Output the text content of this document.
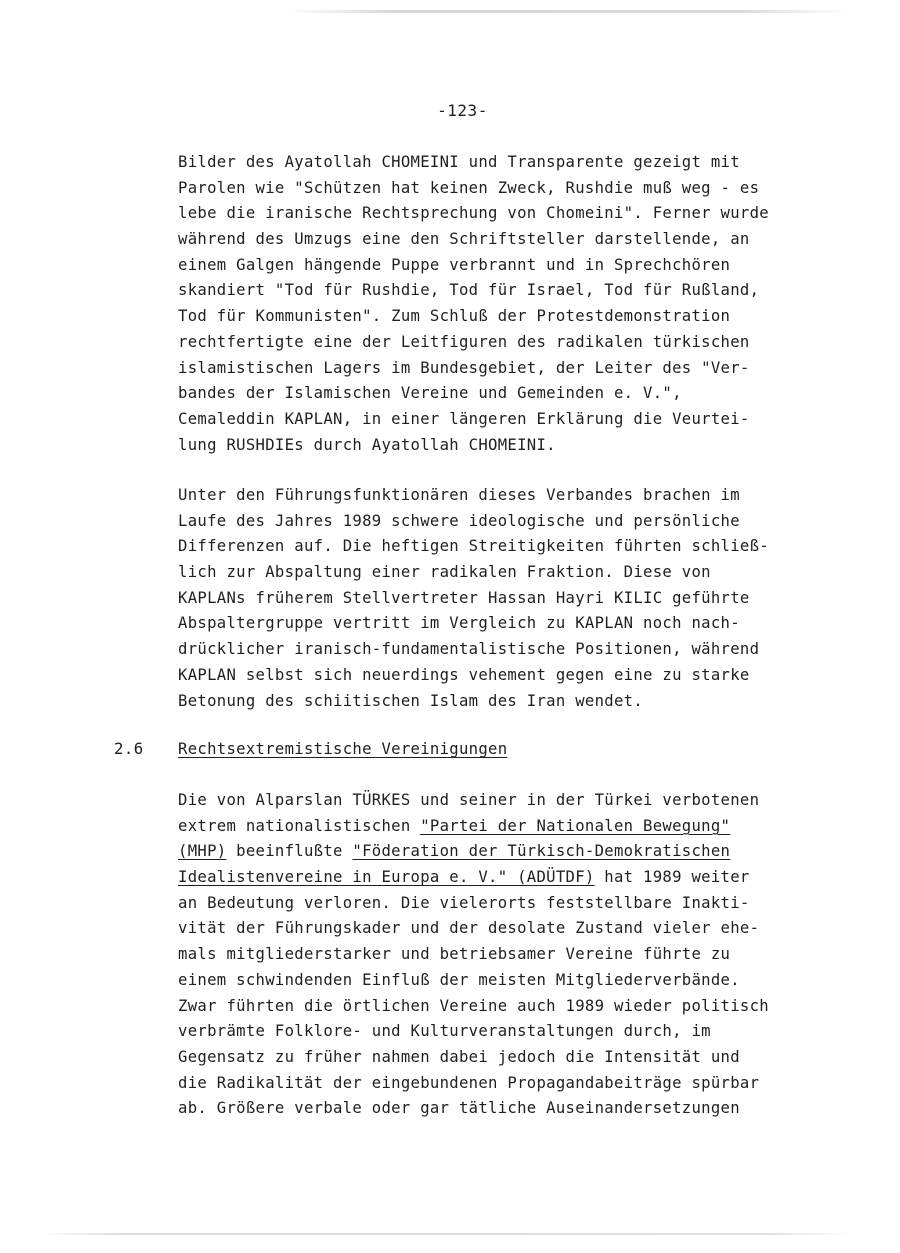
-123-
Bilder des Ayatollah CHOMEINI und Transparente gezeigt mit
Parolen wie "Schützen hat keinen Zweck, Rushdie muß weg - es
lebe die iranische Rechtsprechung von Chomeini". Ferner wurde
während des Umzugs eine den Schriftsteller darstellende, an
einem Galgen hängende Puppe verbrannt und in Sprechchören
skandiert "Tod für Rushdie, Tod für Israel, Tod für Rußland,
Tod für Kommunisten". Zum Schluß der Protestdemonstration
rechtfertigte eine der Leitfiguren des radikalen türkischen
islamistischen Lagers im Bundesgebiet, der Leiter des "Ver-
bandes der Islamischen Vereine und Gemeinden e. V.",
Cemaleddin KAPLAN, in einer längeren Erklärung die Veurtei-
lung RUSHDIEs durch Ayatollah CHOMEINI.
Unter den Führungsfunktionären dieses Verbandes brachen im
Laufe des Jahres 1989 schwere ideologische und persönliche
Differenzen auf. Die heftigen Streitigkeiten führten schließ-
lich zur Abspaltung einer radikalen Fraktion. Diese von
KAPLANs früherem Stellvertreter Hassan Hayri KILIC geführte
Abspaltergruppe vertritt im Vergleich zu KAPLAN noch nach-
drücklicher iranisch-fundamentalistische Positionen, während
KAPLAN selbst sich neuerdings vehement gegen eine zu starke
Betonung des schiitischen Islam des Iran wendet.
2.6 Rechtsextremistische Vereinigungen
Die von Alparslan TÜRKES und seiner in der Türkei verbotenen
extrem nationalistischen "Partei der Nationalen Bewegung"
(MHP) beeinflußte "Föderation der Türkisch-Demokratischen
Idealistenvereine in Europa e. V." (ADÜTDF) hat 1989 weiter
an Bedeutung verloren. Die vielerorts feststellbare Inakti-
vität der Führungskader und der desolate Zustand vieler ehe-
mals mitgliederstarker und betriebsamer Vereine führte zu
einem schwindenden Einfluß der meisten Mitgliederverbände.
Zwar führten die örtlichen Vereine auch 1989 wieder politisch
verbrämte Folklore- und Kulturveranstaltungen durch, im
Gegensatz zu früher nahmen dabei jedoch die Intensität und
die Radikalität der eingebundenen Propagandabeiträge spürbar
ab. Größere verbale oder gar tätliche Auseinandersetzungen
